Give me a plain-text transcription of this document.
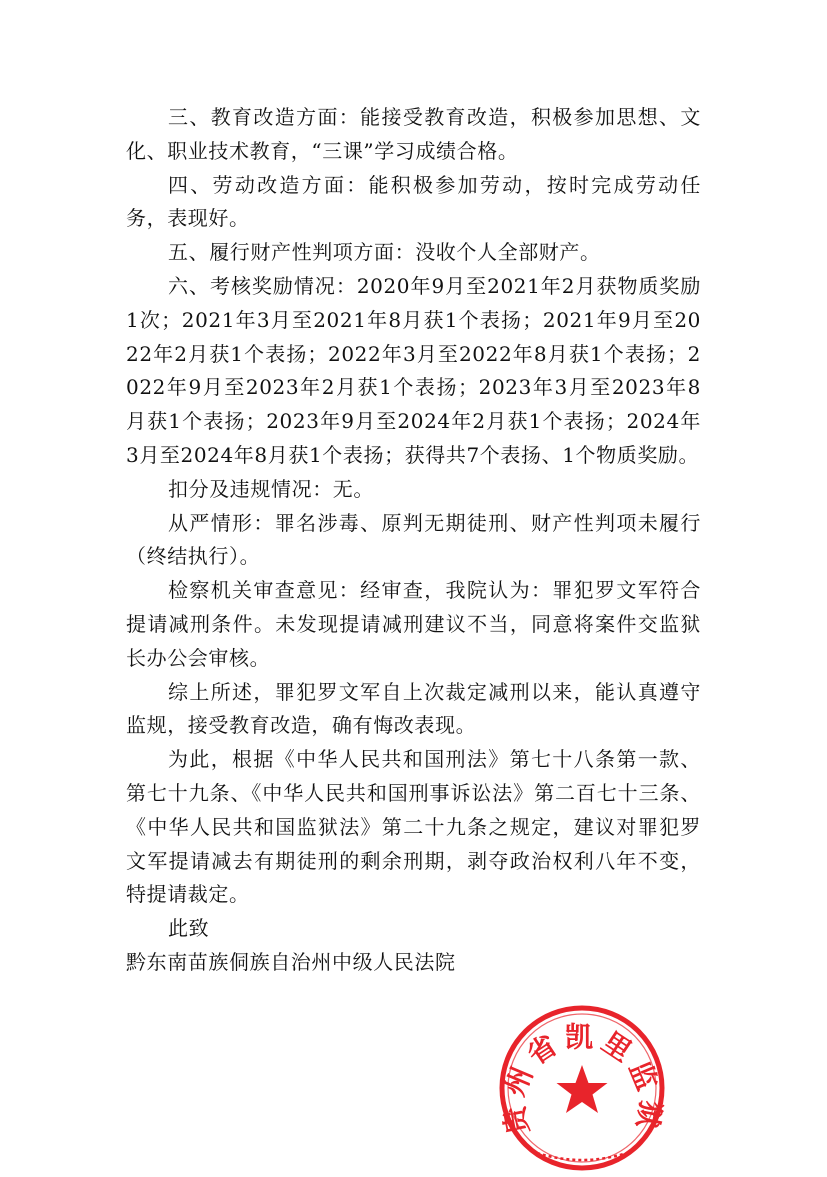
三、教育改造方面：能接受教育改造，积极参加思想、文化、职业技术教育，“三课”学习成绩合格。

四、劳动改造方面：能积极参加劳动，按时完成劳动任务，表现好。

五、履行财产性判项方面：没收个人全部财产。

六、考核奖励情况：2020年9月至2021年2月获物质奖励1次；2021年3月至2021年8月获1个表扬；2021年9月至2022年2月获1个表扬；2022年3月至2022年8月获1个表扬；2022年9月至2023年2月获1个表扬；2023年3月至2023年8月获1个表扬；2023年9月至2024年2月获1个表扬；2024年3月至2024年8月获1个表扬；获得共7个表扬、1个物质奖励。

扣分及违规情况：无。

从严情形：罪名涉毒、原判无期徒刑、财产性判项未履行（终结执行）。

检察机关审查意见：经审查，我院认为：罪犯罗文军符合提请减刑条件。未发现提请减刑建议不当，同意将案件交监狱长办公会审核。

综上所述，罪犯罗文军自上次裁定减刑以来，能认真遵守监规，接受教育改造，确有悔改表现。

为此，根据《中华人民共和国刑法》第七十八条第一款、第七十九条、《中华人民共和国刑事诉讼法》第二百七十三条、《中华人民共和国监狱法》第二十九条之规定，建议对罪犯罗文军提请减去有期徒刑的剩余刑期，剥夺政治权利八年不变，特提请裁定。

此致

黔东南苗族侗族自治州中级人民法院

贵州省凯里监狱
